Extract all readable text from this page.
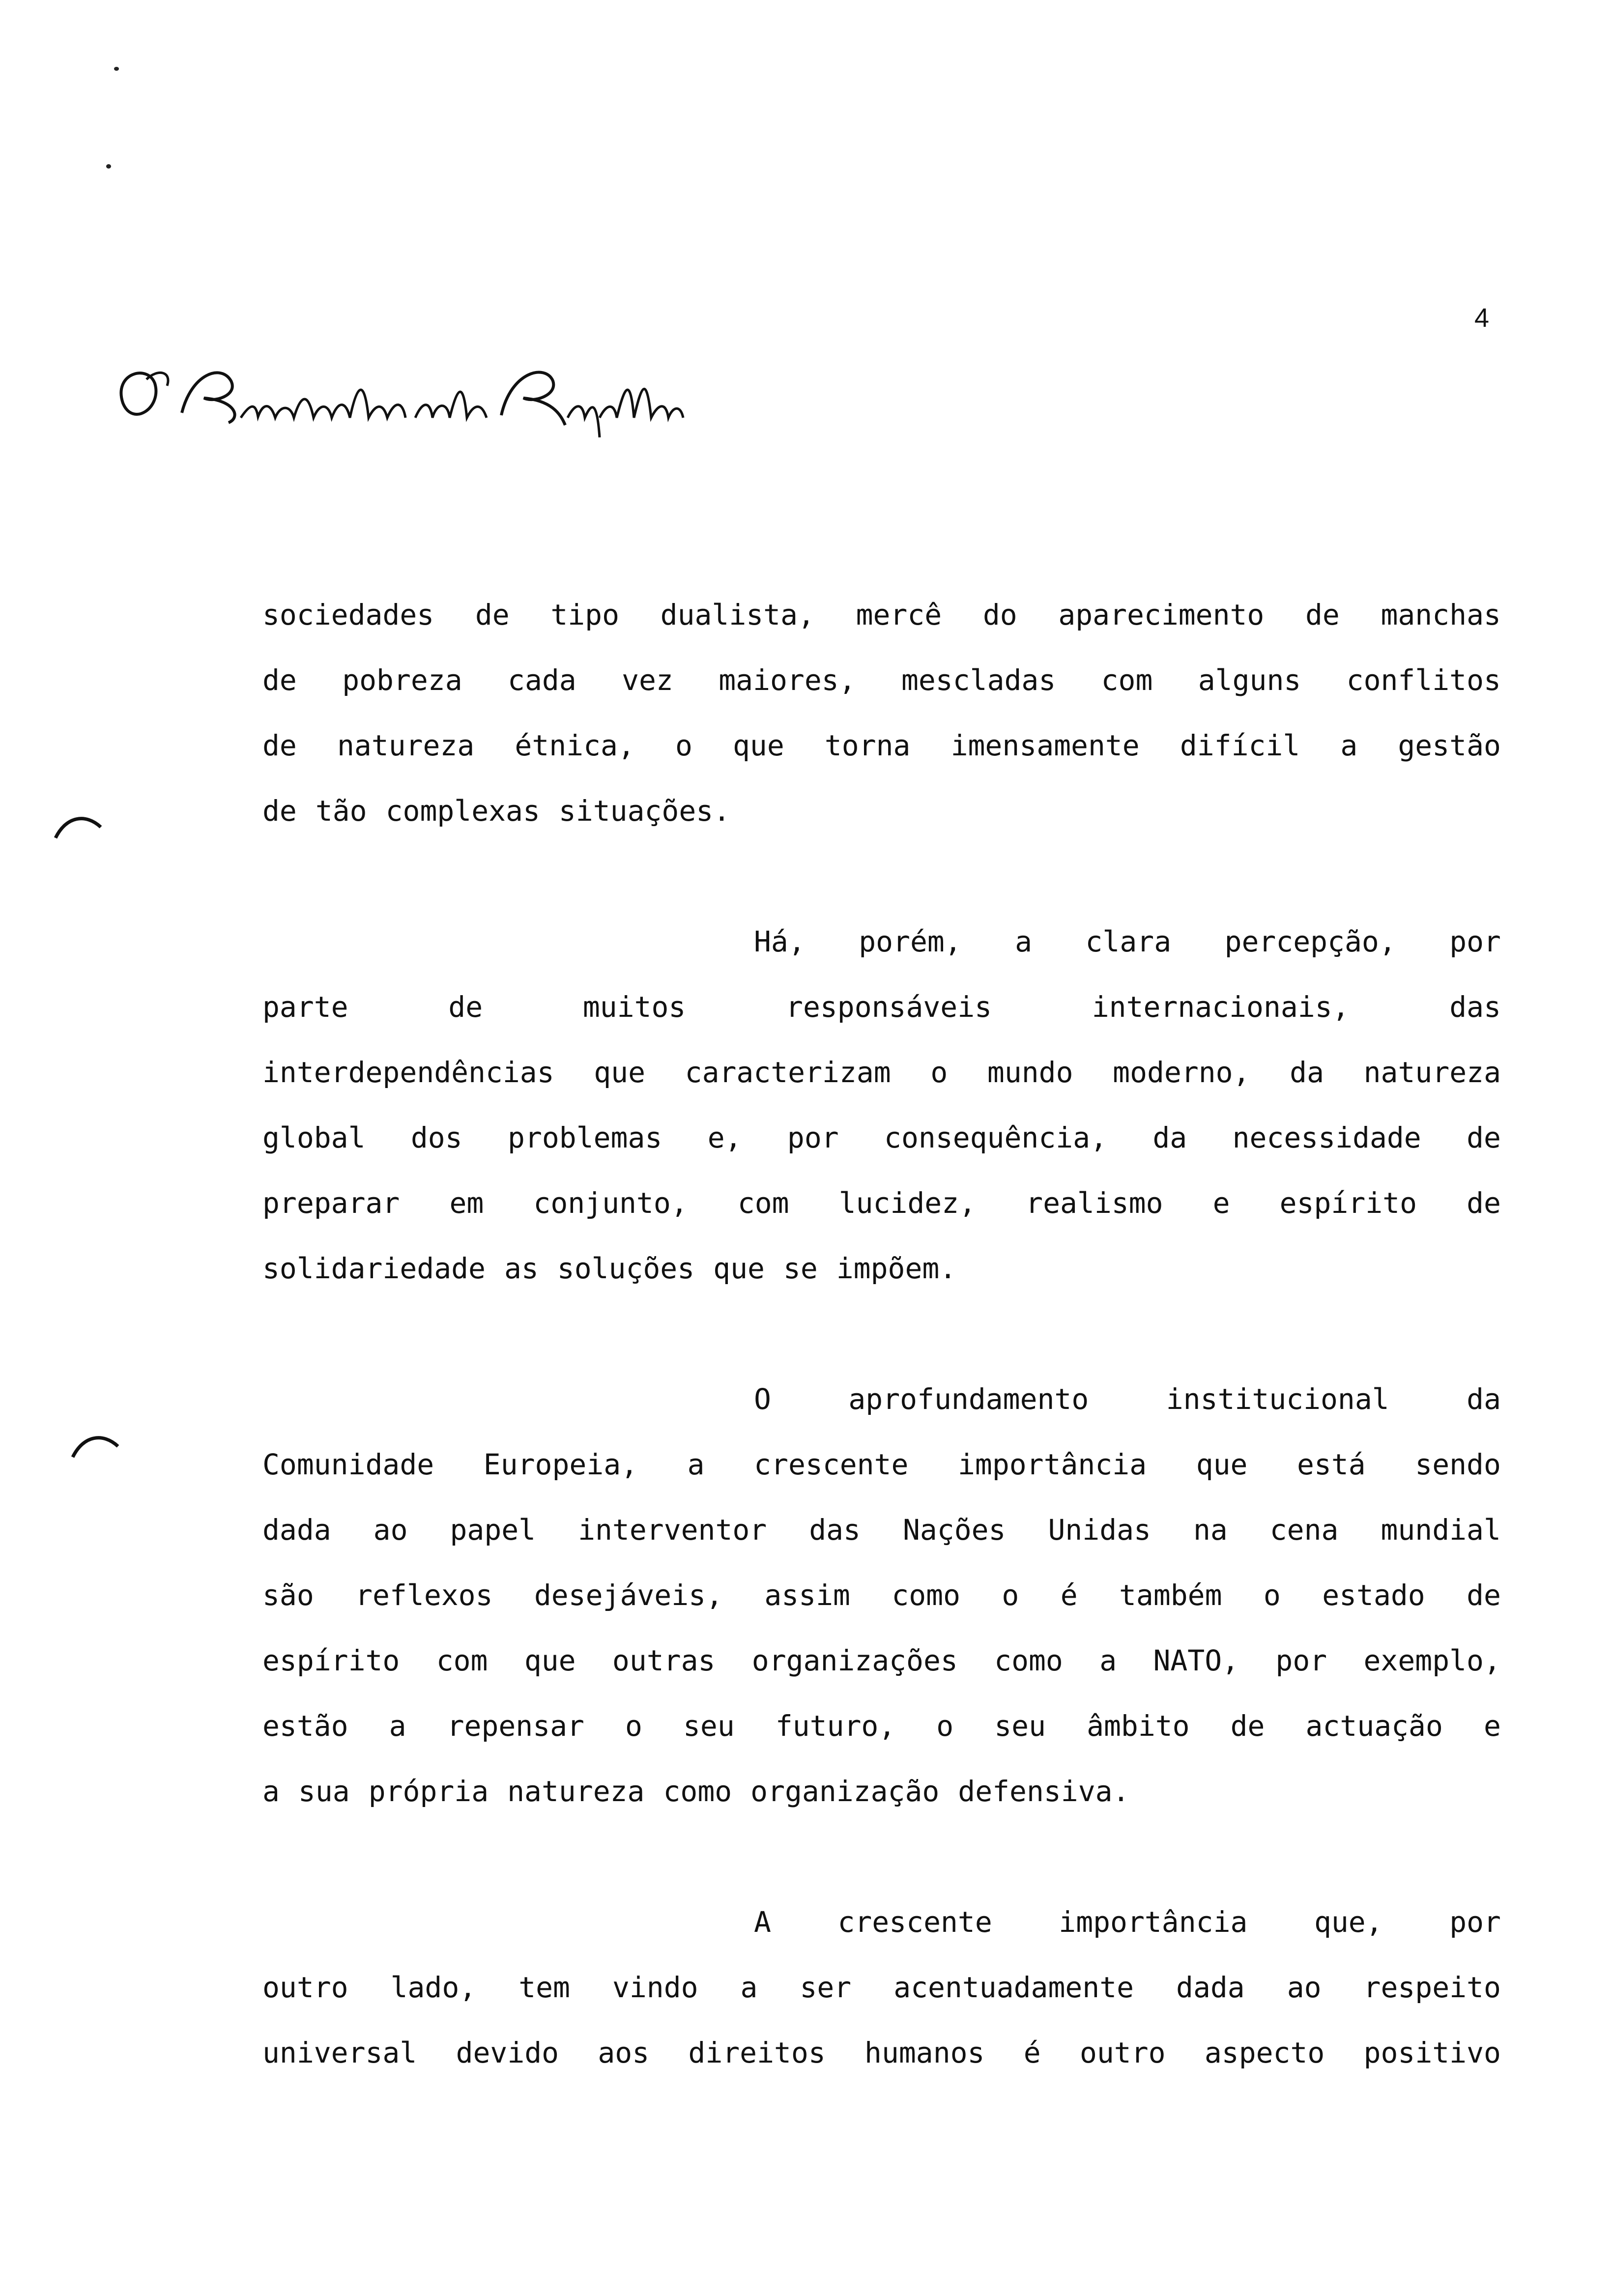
4
sociedades de tipo dualista, mercê do aparecimento de manchas
de pobreza cada vez maiores, mescladas com alguns conflitos
de natureza étnica, o que torna imensamente difícil a gestão
de tão complexas situações.
Há, porém, a clara percepção, por
parte	de	muitos	responsáveis	internacionais,	das
interdependências que caracterizam o mundo moderno, da natureza
global dos problemas e, por consequência, da necessidade de
preparar em conjunto, com lucidez, realismo e espírito de
solidariedade as soluções que se impõem.
O	aprofundamento	institucional	da
Comunidade Europeia, a crescente importância que está sendo
dada ao papel interventor das Nações Unidas na cena mundial
são reflexos desejáveis, assim como o é também o estado de
espírito com que outras organizações como a NATO, por exemplo,
estão a repensar o seu futuro, o seu âmbito de actuação e
a sua própria natureza como organização defensiva.
A crescente importância que, por
outro lado, tem vindo a ser acentuadamente dada ao respeito
universal devido aos direitos humanos é outro aspecto positivo
